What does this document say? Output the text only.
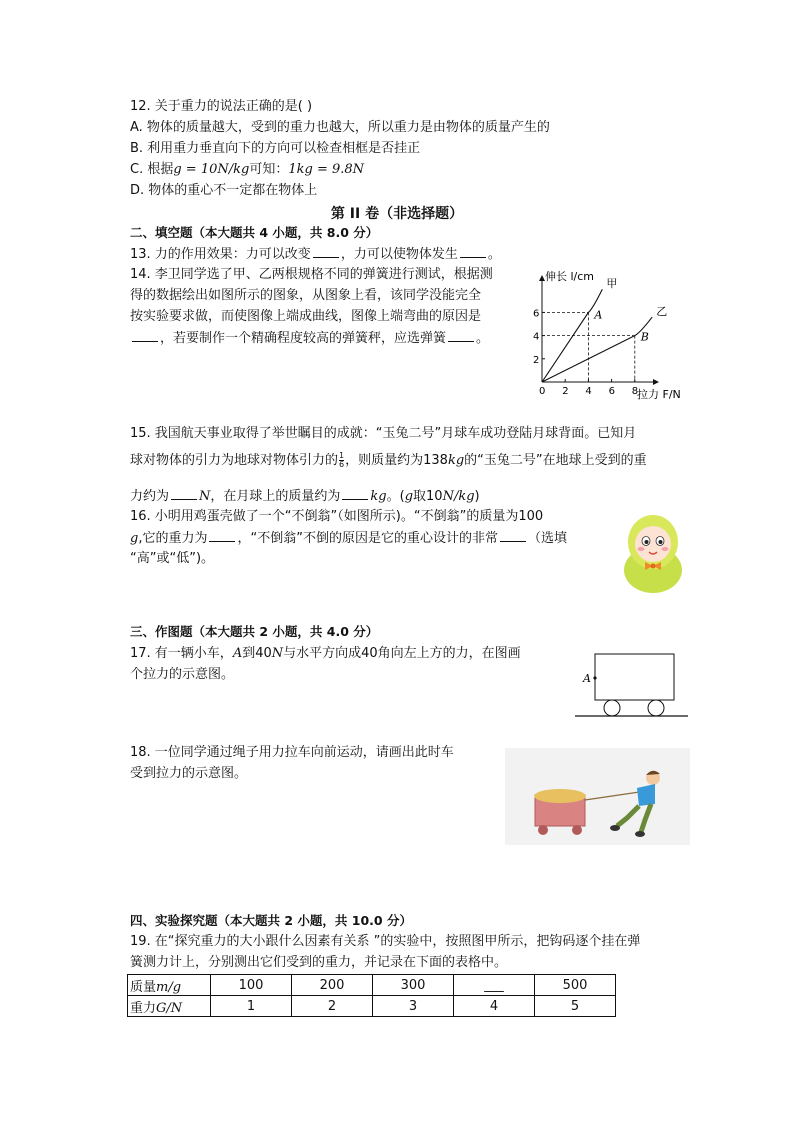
12. 关于重力的说法正确的是( )
A. 物体的质量越大，受到的重力也越大，所以重力是由物体的质量产生的
B. 利用重力垂直向下的方向可以检查相框是否挂正
C. 根据g = 10N/kg可知：1kg = 9.8N
D. 物体的重心不一定都在物体上
第 II 卷（非选择题）
二、填空题（本大题共 4 小题，共 8.0 分）
13. 力的作用效果：力可以改变 ，力可以使物体发生 。
14. 李卫同学选了甲、乙两根规格不同的弹簧进行测试，根据测
得的数据绘出如图所示的图象，从图象上看，该同学没能完全
按实验要求做，而使图像上端成曲线，图像上端弯曲的原因是
，若要制作一个精确程度较高的弹簧秤，应选弹簧 。
伸长 l/cm
拉力 F/N
0 2 4 6 8
2
4
6
甲
乙
A
B
15. 我国航天事业取得了举世瞩目的成就：“玉兔二号”月球车成功登陆月球背面。已知月
球对物体的引力为地球对物体引力的 $\frac{1}{6}$ ，则质量约为138kg的“玉兔二号”在地球上受到的重
力约为 N，在月球上的质量约为 kg。(g取10N/kg)
16. 小明用鸡蛋壳做了一个“不倒翁”（如图所示)。“不倒翁”的质量为100
g,它的重力为 ，“不倒翁”不倒的原因是它的重心设计的非常 （选填
“高”或“低”)。
三、作图题（本大题共 2 小题，共 4.0 分）
17. 有一辆小车，A到40N与水平方向成40角向左上方的力，在图画
个拉力的示意图。	A
18. 一位同学通过绳子用力拉车向前运动，请画出此时车
受到拉力的示意图。
四、实验探究题（本大题共 2 小题，共 10.0 分）
19. 在“探究重力的大小跟什么因素有关系 ”的实验中，按照图甲所示，把钩码逐个挂在弹
簧测力计上，分别测出它们受到的重力，并记录在下面的表格中。
质量m/g	100	200	300	___	500
重力G/N	1	2	3	4	5
